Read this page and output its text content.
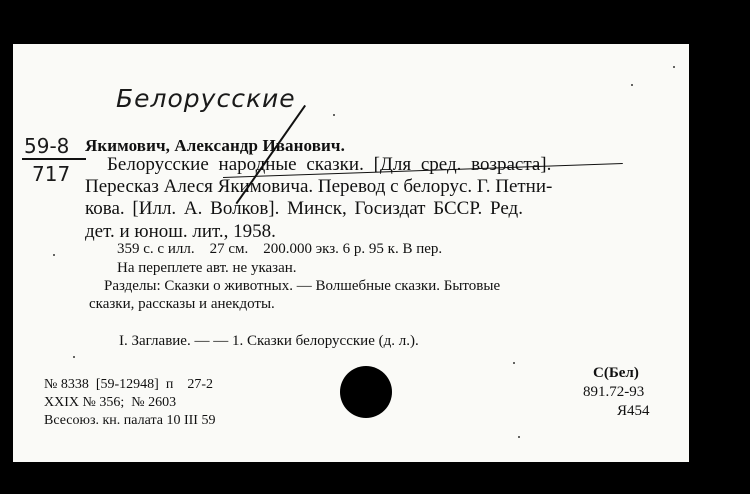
Белорусские
59-8
717
Якимович, Александр Иванович.
Белорусские народные сказки. [Для сред. возраста].
Пересказ Алеся Якимовича. Перевод с белорус. Г. Петни-
кова. [Илл. А. Волков]. Минск, Госиздат БССР. Ред.
дет. и юнош. лит., 1958.
359 с. с илл.    27 см.    200.000 экз. 6 р. 95 к. В пер.
На переплете авт. не указан.
Разделы: Сказки о животных. — Волшебные сказки. Бытовые
сказки, рассказы и анекдоты.
I. Заглавие. — — 1. Сказки белорусские (д. л.).
№ 8338  [59-12948]  п    27-2
XXIX № 356;  № 2603
Всесоюз. кн. палата 10 III 59
С(Бел)
891.72-93
Я454
